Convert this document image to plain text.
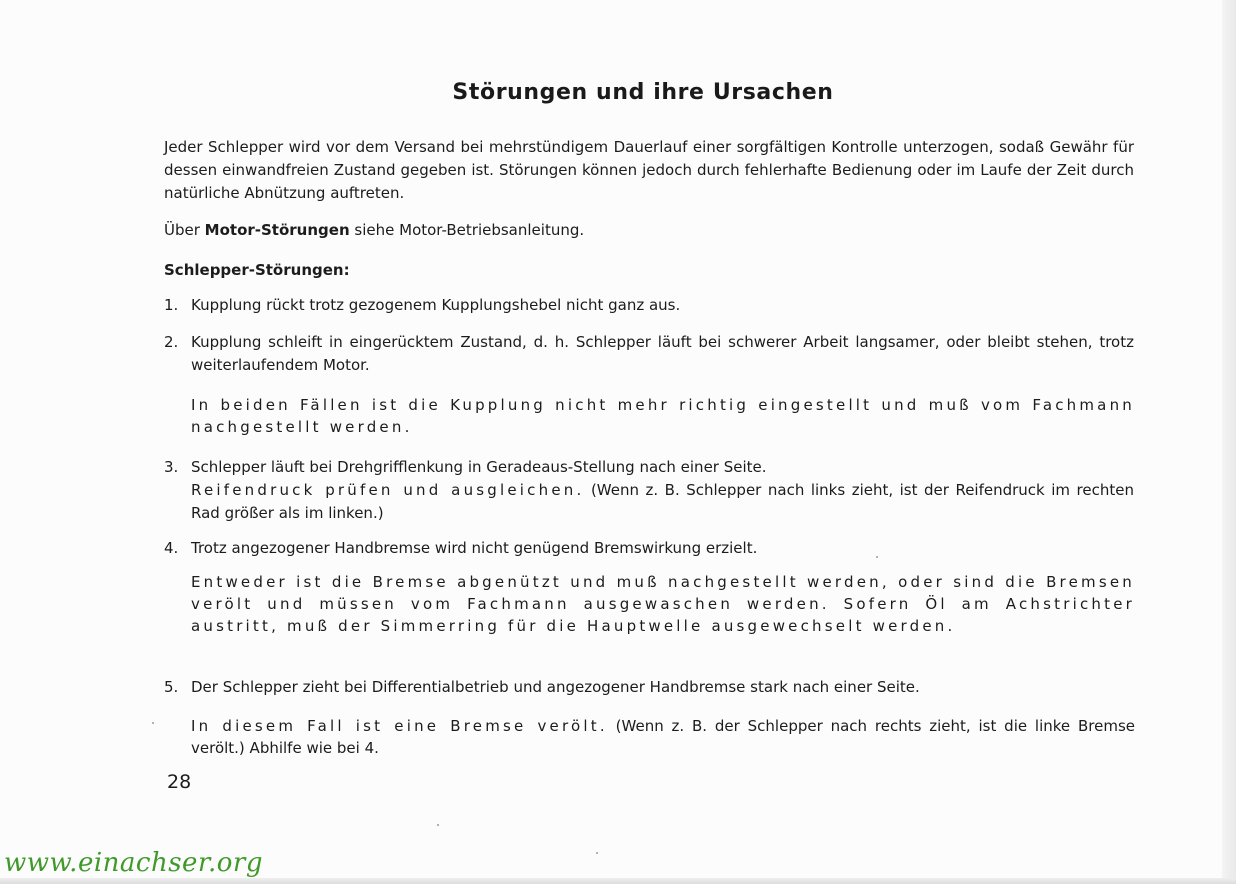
Störungen und ihre Ursachen
Jeder Schlepper wird vor dem Versand bei mehrstündigem Dauerlauf einer sorgfältigen Kontrolle unterzogen, sodaß Gewähr für dessen einwandfreien Zustand gegeben ist. Störungen können jedoch durch fehlerhafte Bedienung oder im Laufe der Zeit durch natürliche Abnützung auftreten.
Über Motor-Störungen siehe Motor-Betriebsanleitung.
Schlepper-Störungen:
1. Kupplung rückt trotz gezogenem Kupplungshebel nicht ganz aus.
2. Kupplung schleift in eingerücktem Zustand, d. h. Schlepper läuft bei schwerer Arbeit langsamer, oder bleibt stehen, trotz weiterlaufendem Motor.
In beiden Fällen ist die Kupplung nicht mehr richtig eingestellt und muß vom Fachmann nachgestellt werden.
3. Schlepper läuft bei Drehgrifflenkung in Geradeaus-Stellung nach einer Seite.
Reifendruck prüfen und ausgleichen. (Wenn z. B. Schlepper nach links zieht, ist der Reifendruck im rechten Rad größer als im linken.)
4. Trotz angezogener Handbremse wird nicht genügend Bremswirkung erzielt.
Entweder ist die Bremse abgenützt und muß nachgestellt werden, oder sind die Bremsen verölt und müssen vom Fachmann ausgewaschen werden. Sofern Öl am Achstrichter austritt, muß der Simmerring für die Hauptwelle ausgewechselt werden.
5. Der Schlepper zieht bei Differentialbetrieb und angezogener Handbremse stark nach einer Seite.
In diesem Fall ist eine Bremse verölt. (Wenn z. B. der Schlepper nach rechts zieht, ist die linke Bremse verölt.) Abhilfe wie bei 4.
28
www.einachser.org
